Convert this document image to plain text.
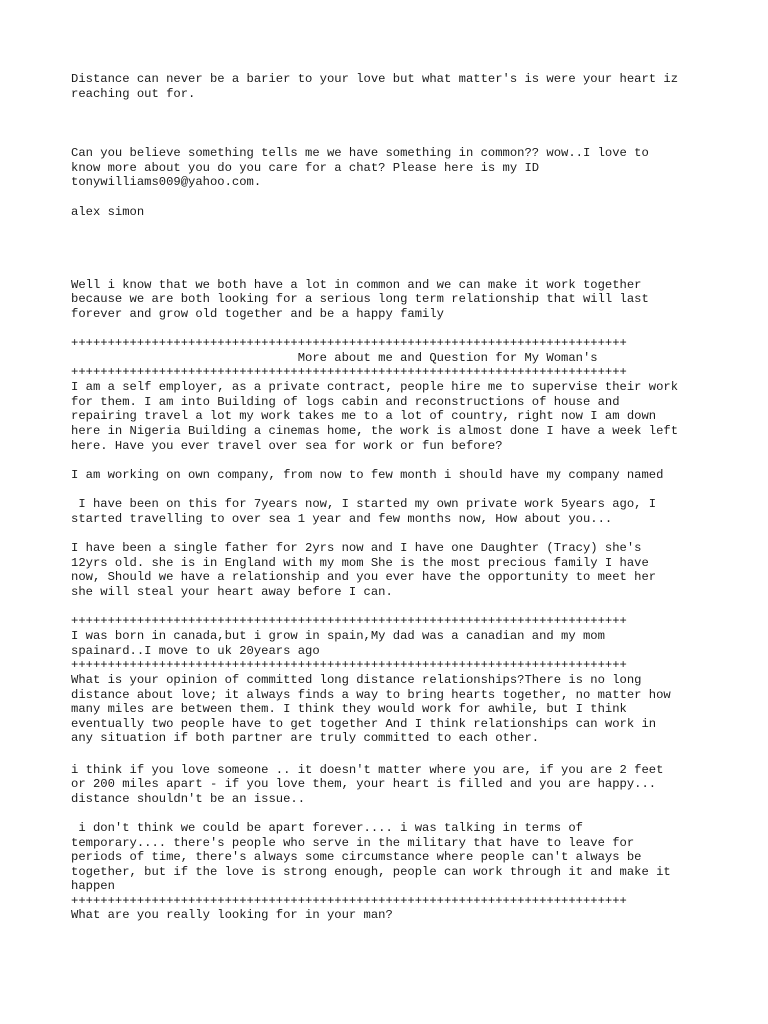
Distance can never be a barier to your love but what matter's is were your heart iz

reaching out for.

Can you believe something tells me we have something in common?? wow..I love to

know more about you do you care for a chat? Please here is my ID

tonywilliams009@yahoo.com.

alex simon

Well i know that we both have a lot in common and we can make it work together

because we are both looking for a serious long term relationship that will last

forever and grow old together and be a happy family

++++++++++++++++++++++++++++++++++++++++++++++++++++++++++++++++++++++++++++

More about me and Question for My Woman's

++++++++++++++++++++++++++++++++++++++++++++++++++++++++++++++++++++++++++++

I am a self employer, as a private contract, people hire me to supervise their work

for them. I am into Building of logs cabin and reconstructions of house and

repairing travel a lot my work takes me to a lot of country, right now I am down

here in Nigeria Building a cinemas home, the work is almost done I have a week left

here. Have you ever travel over sea for work or fun before?

I am working on own company, from now to few month i should have my company named

I have been on this for 7years now, I started my own private work 5years ago, I

started travelling to over sea 1 year and few months now, How about you...

I have been a single father for 2yrs now and I have one Daughter (Tracy) she's

12yrs old. she is in England with my mom She is the most precious family I have

now, Should we have a relationship and you ever have the opportunity to meet her

she will steal your heart away before I can.

++++++++++++++++++++++++++++++++++++++++++++++++++++++++++++++++++++++++++++

I was born in canada,but i grow in spain,My dad was a canadian and my mom

spainard..I move to uk 20years ago

++++++++++++++++++++++++++++++++++++++++++++++++++++++++++++++++++++++++++++

What is your opinion of committed long distance relationships?There is no long

distance about love; it always finds a way to bring hearts together, no matter how

many miles are between them. I think they would work for awhile, but I think

eventually two people have to get together And I think relationships can work in

any situation if both partner are truly committed to each other.

i think if you love someone .. it doesn't matter where you are, if you are 2 feet

or 200 miles apart - if you love them, your heart is filled and you are happy...

distance shouldn't be an issue..

i don't think we could be apart forever.... i was talking in terms of

temporary.... there's people who serve in the military that have to leave for

periods of time, there's always some circumstance where people can't always be

together, but if the love is strong enough, people can work through it and make it

happen

++++++++++++++++++++++++++++++++++++++++++++++++++++++++++++++++++++++++++++

What are you really looking for in your man?
